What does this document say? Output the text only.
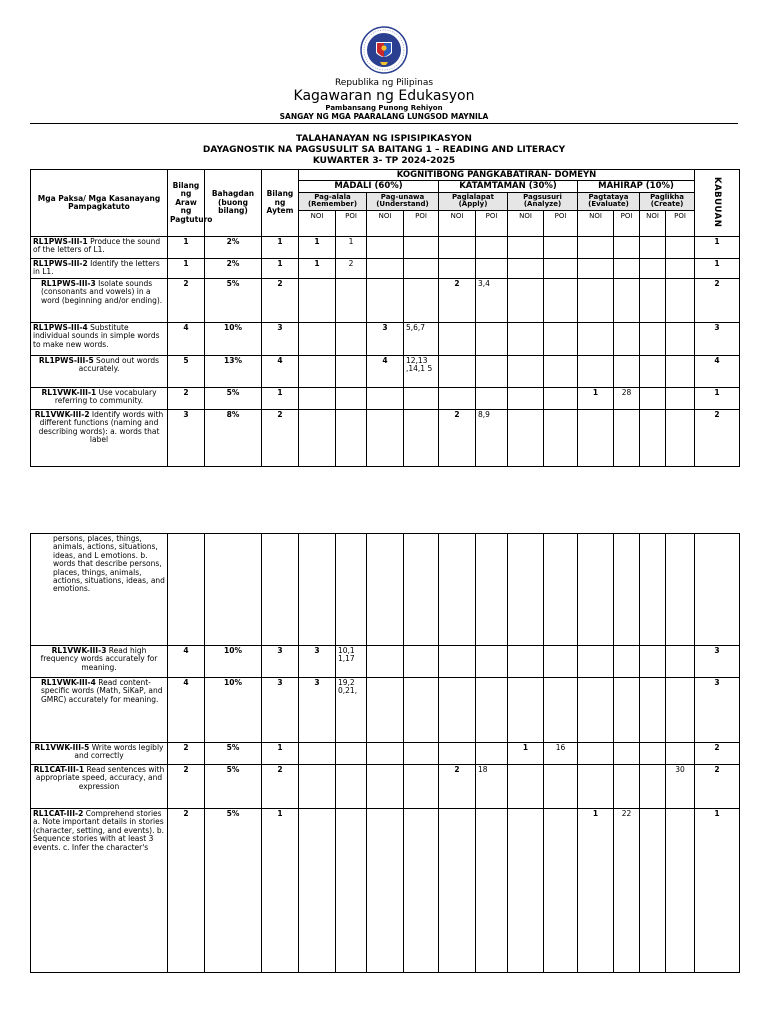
Republika ng Pilipinas
Kagawaran ng Edukasyon
Pambansang Punong Rehiyon
SANGAY NG MGA PAARALANG LUNGSOD MAYNILA
TALAHANAYAN NG ISPISIPIKASYON
DAYAGNOSTIK NA PAGSUSULIT SA BAITANG 1 – READING AND LITERACY
KUWARTER 3- TP 2024-2025
Mga Paksa/ Mga Kasanayang Pampagkatuto	Bilang ng Araw ng Pagtuturo	Bahagdan (buong bilang)	Bilang ng Aytem	KOGNITIBONG PANGKABATIRAN- DOMEYN												KABUUAN
				MADALI (60%)				KATAMTAMAN (30%)				MAHIRAP (10%)				
				Pag-alala (Remember)		Pag-unawa (Understand)		Paglalapat (Apply)		Pagsusuri (Analyze)		Pagtataya (Evaluate)		Paglikha (Create)		
				NOI	POI	NOI	POI	NOI	POI	NOI	POI	NOI	POI	NOI	POI	
RL1PWS-III-1 Produce the sound of the letters of L1.	1	2%	1	1	1											1
RL1PWS-III-2 Identify the letters in L1.	1	2%	1	1	2											1
RL1PWS-III-3 Isolate sounds (consonants and vowels) in a word (beginning and/or ending).	2	5%	2					2	3,4							2
RL1PWS-III-4 Substitute individual sounds in simple words to make new words.	4	10%	3			3	5,6,7									3
RL1PWS-III-5 Sound out words accurately.	5	13%	4			4	12,13 ,14,1 5									4
RL1VWK-III-1 Use vocabulary referring to community.	2	5%	1									1	28			1
RL1VWK-III-2 Identify words with different functions (naming and describing words): a. words that label	3	8%	2					2	8,9							2
persons, places, things, animals, actions, situations, ideas, and L emotions. b. words that describe persons, places, things, animals, actions, situations, ideas, and emotions.																
RL1VWK-III-3 Read high frequency words accurately for meaning.	4	10%	3	3	10,1 1,17											3
RL1VWK-III-4 Read content-specific words (Math, SiKaP, and GMRC) accurately for meaning.	4	10%	3	3	19,2 0,21,											3
RL1VWK-III-5 Write words legibly and correctly	2	5%	1							1	16					2
RL1CAT-III-1 Read sentences with appropriate speed, accuracy, and expression	2	5%	2					2	18						30	2
RL1CAT-III-2 Comprehend stories a. Note important details in stories (character, setting, and events). b. Sequence stories with at least 3 events. c. Infer the character's	2	5%	1									1	22			1
